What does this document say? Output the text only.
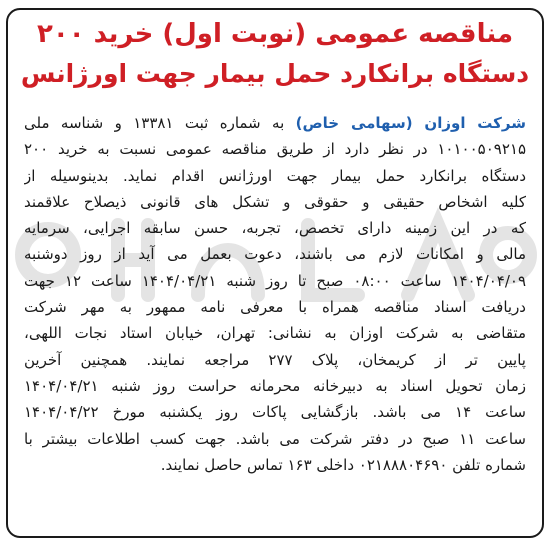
مناقصه عمومی (نوبت اول) خرید ۲۰۰
دستگاه برانکارد حمل بیمار جهت اورژانس
شرکت اوزان (سهامی خاص) به شماره ثبت ۱۳۳۸۱ و شناسه ملی
۱۰۱۰۰۵۰۹۲۱۵ در نظر دارد از طریق مناقصه عمومی نسبت به خرید ۲۰۰
دستگاه برانکارد حمل بیمار جهت اورژانس اقدام نماید. بدینوسیله از
کلیه اشخاص حقیقی و حقوقی و تشکل های قانونی ذیصلاح علاقمند
که در این زمینه دارای تخصص، تجربه، حسن سابقه اجرایی، سرمایه
مالی و امکانات لازم می باشند، دعوت بعمل می آید از روز دوشنبه
۱۴۰۴/۰۴/۰۹ ساعت ۰۸:۰۰ صبح تا روز شنبه ۱۴۰۴/۰۴/۲۱ ساعت ۱۲ جهت
دریافت اسناد مناقصه همراه با معرفی نامه ممهور به مهر شرکت
متقاضی به شرکت اوزان به نشانی: تهران، خیابان استاد نجات اللهی،
پایین تر از کریمخان، پلاک ۲۷۷ مراجعه نمایند. همچنین آخرین
زمان تحویل اسناد به دبیرخانه محرمانه حراست روز شنبه ۱۴۰۴/۰۴/۲۱
ساعت ۱۴ می باشد. بازگشایی پاکات روز یکشنبه مورخ ۱۴۰۴/۰۴/۲۲
ساعت ۱۱ صبح در دفتر شرکت می باشد. جهت کسب اطلاعات بیشتر با
شماره تلفن ۰۲۱۸۸۸۰۴۶۹۰ داخلی ۱۶۳ تماس حاصل نمایند.
